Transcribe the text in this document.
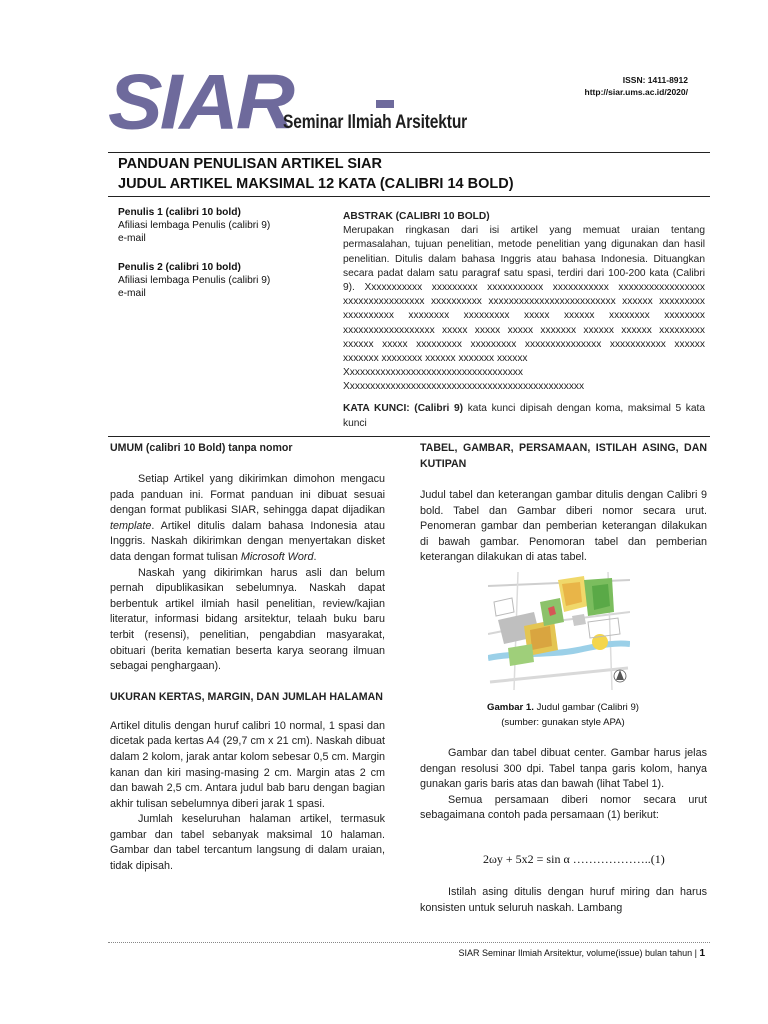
SIAR
Seminar Ilmiah Arsitektur
ISSN: 1411-8912
http://siar.ums.ac.id/2020/
PANDUAN PENULISAN ARTIKEL SIAR
JUDUL ARTIKEL MAKSIMAL 12 KATA (CALIBRI 14 BOLD)
Penulis 1 (calibri 10 bold)
Afiliasi lembaga Penulis (calibri 9)
e-mail
Penulis 2 (calibri 10 bold)
Afiliasi lembaga Penulis (calibri 9)
e-mail
ABSTRAK (CALIBRI 10 BOLD)

Merupakan ringkasan dari isi artikel yang memuat uraian tentang permasalahan, tujuan penelitian, metode penelitian yang digunakan dan hasil penelitian. Ditulis dalam bahasa Inggris atau bahasa Indonesia. Dituangkan secara padat dalam satu paragraf satu spasi, terdiri dari 100-200 kata (Calibri 9). Xxxxxxxxxxx xxxxxxxxx xxxxxxxxxxx xxxxxxxxxxx xxxxxxxxxxxxxxxxx xxxxxxxxxxxxxxxx xxxxxxxxxx xxxxxxxxxxxxxxxxxxxxxxxxx xxxxxx xxxxxxxxx xxxxxxxxxx xxxxxxxx xxxxxxxxx xxxxx xxxxxx xxxxxxxx xxxxxxxx xxxxxxxxxxxxxxxxxx xxxxx xxxxx xxxxx xxxxxxx xxxxxx xxxxxx xxxxxxxxx xxxxxx xxxxx xxxxxxxxx xxxxxxxxx xxxxxxxxxxxxxxx xxxxxxxxxxx xxxxxx xxxxxxx xxxxxxxx xxxxxx xxxxxxx xxxxxx

Xxxxxxxxxxxxxxxxxxxxxxxxxxxxxxxxxxx

Xxxxxxxxxxxxxxxxxxxxxxxxxxxxxxxxxxxxxxxxxxxxxxx

KATA KUNCI: (Calibri 9) kata kunci dipisah dengan koma, maksimal 5 kata kunci
UMUM (calibri 10 Bold) tanpa nomor

Setiap Artikel yang dikirimkan dimohon mengacu pada panduan ini. Format panduan ini dibuat sesuai dengan format publikasi SIAR, sehingga dapat dijadikan template. Artikel ditulis dalam bahasa Indonesia atau Inggris. Naskah dikirimkan dengan menyertakan disket data dengan format tulisan Microsoft Word.

Naskah yang dikirimkan harus asli dan belum pernah dipublikasikan sebelumnya. Naskah dapat berbentuk artikel ilmiah hasil penelitian, review/kajian literatur, informasi bidang arsitektur, telaah buku baru terbit (resensi), penelitian, pengabdian masyarakat, obituari (berita kematian beserta karya seorang ilmuan sebagai penghargaan).

UKURAN KERTAS, MARGIN, DAN JUMLAH HALAMAN

Artikel ditulis dengan huruf calibri 10 normal, 1 spasi dan dicetak pada kertas A4 (29,7 cm x 21 cm). Naskah dibuat dalam 2 kolom, jarak antar kolom sebesar 0,5 cm. Margin kanan dan kiri masing-masing 2 cm. Margin atas 2 cm dan bawah 2,5 cm. Antara judul bab baru dengan bagian akhir tulisan sebelumnya diberi jarak 1 spasi.

Jumlah keseluruhan halaman artikel, termasuk gambar dan tabel sebanyak maksimal 10 halaman. Gambar dan tabel tercantum langsung di dalam uraian, tidak dipisah.

TABEL, GAMBAR, PERSAMAAN, ISTILAH ASING, DAN KUTIPAN

Judul tabel dan keterangan gambar ditulis dengan Calibri 9 bold. Tabel dan Gambar diberi nomor secara urut. Penomeran gambar dan pemberian keterangan dilakukan di bawah gambar. Penomoran tabel dan pemberian keterangan dilakukan di atas tabel.

Gambar 1. Judul gambar (Calibri 9)
(sumber: gunakan style APA)

Gambar dan tabel dibuat center. Gambar harus jelas dengan resolusi 300 dpi. Tabel tanpa garis kolom, hanya gunakan garis baris atas dan bawah (lihat Tabel 1).

Semua persamaan diberi nomor secara urut sebagaimana contoh pada persamaan (1) berikut:

2ωy + 5x2 = sin α ………………..(1)

Istilah asing ditulis dengan huruf miring dan harus konsisten untuk seluruh naskah. Lambang

SIAR Seminar Ilmiah Arsitektur, volume(issue) bulan tahun | 1
